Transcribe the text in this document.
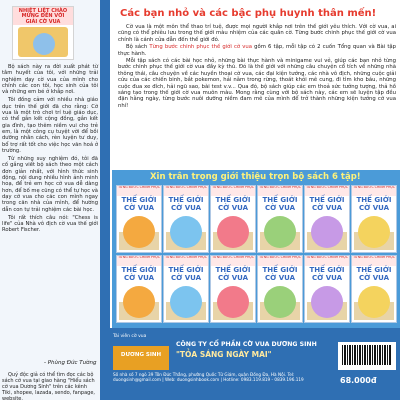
NHIỆT LIỆT CHÀO MỪNG ĐẾN VỚI GIẢI CỜ VUA

Bộ sách này ra đời xuất phát từ tâm huyết của tôi, với những trải nghiệm dạy cờ vua của mình cho chính các con tôi, học sinh của tôi và những em bé ở khắp nơi.

Tôi đồng cảm với nhiều nhà giáo dục trên thế giới đã cho rằng: Cờ vua là một trò chơi trí tuệ giáo dục, có thể gắn kết cộng đồng, gắn kết gia đình, tạo thêm niềm vui cho trẻ em, là một công cụ tuyệt vời để bồi dưỡng nhân cách, rèn luyện tư duy, bổ trợ rất tốt cho việc học văn hoá ở trường.

Từ những suy nghiệm đó, tôi đã cố gắng viết bộ sách theo một cách đơn giản nhất, với hình thức sinh động, nội dung nhiều hình ảnh minh hoạ, để trẻ em học cờ vua dễ dàng hơn, để bố mẹ cũng có thể tự học và dạy cờ vua cho các con mình ngay trong căn nhà của mình, để hướng dẫn con tự trải nghiệm các bài học.

Tôi rất thích câu nói: "Chess is life" của Nhà vô địch cờ vua thế giới Robert Fischer.

- Phùng Đức Tường
Quý độc giả có thể tìm đọc các bộ sách cờ vua tại giao hàng "Hiểu sách cờ vua Dương Sinh" trên các kênh Tiki, shopee, lazada, sendo, fanpage, website.
Các bạn nhỏ và các bậc phụ huynh thân mến!

Cờ vua là một môn thể thao trí tuệ, được mọi người khắp nơi trên thế giới yêu thích. Với cờ vua, ai cũng có thể phiêu lưu trong thế giới màu nhiệm của các quân cờ. Từng bước chinh phục thế giới cờ vua chính là cánh cửa dẫn đến thế giới đó.

Bộ sách Từng bước chinh phục thế giới cờ vua gồm 6 tập, mỗi tập có 2 cuốn Tổng quan và Bài tập thực hành.

Mỗi tập sách có các bài học nhỏ, những bài thực hành và minigame vui vẻ, giúp các bạn nhỏ từng bước chinh phục thế giới cờ vua đầy kỳ thú. Đó là thế giới với những câu chuyện cổ tích về những nhà thông thái, câu chuyện về các huyền thoại cờ vua, các đại kiện tướng, các nhà vô địch, những cuộc giải cứu của các chiến binh, bắt pokemon, hải nằm trong rừng, thoát khỏi mê cung, đi tìm kho báu, những cuộc đua xe đích, hải ngũ sao, bài test v.v... Qua đó, bộ sách giúp các em thoả sức tưởng tượng, thả hồ sáng tạo trong thế giới cờ vua muôn màu. Mong rằng cùng với bộ sách này, các em sẽ luyện tập đều đặn hằng ngày, từng bước nuôi dưỡng niềm đam mê của mình để trở thành những kiện tướng cờ vua nhí!

Xin trân trọng giới thiệu trọn bộ sách 6 tập!
TỪNG BƯỚC CHINH PHỤC
THẾ GIỚI CỜ VUA
TỪNG BƯỚC CHINH PHỤC
THẾ GIỚI CỜ VUA
TỪNG BƯỚC CHINH PHỤC
THẾ GIỚI CỜ VUA
TỪNG BƯỚC CHINH PHỤC
THẾ GIỚI CỜ VUA
TỪNG BƯỚC CHINH PHỤC
THẾ GIỚI CỜ VUA
TỪNG BƯỚC CHINH PHỤC
THẾ GIỚI CỜ VUA
TỪNG BƯỚC CHINH PHỤC
THẾ GIỚI CỜ VUA
TỪNG BƯỚC CHINH PHỤC
THẾ GIỚI CỜ VUA
TỪNG BƯỚC CHINH PHỤC
THẾ GIỚI CỜ VUA
TỪNG BƯỚC CHINH PHỤC
THẾ GIỚI CỜ VUA
TỪNG BƯỚC CHINH PHỤC
THẾ GIỚI CỜ VUA
TỪNG BƯỚC CHINH PHỤC
THẾ GIỚI CỜ VUA
Tái viên cờ vua
DƯƠNG SINH
CÔNG TY CỔ PHẦN CỜ VUA DƯƠNG SINH
"TỎA SÁNG NGÀY MAI"
Số nhà số 7 ngõ 39 Tôn Đức Thắng, phường Quốc Tử Giám, quận Đống Đa, Hà Nội. Tel: duongsinh@gmail.com | Web: duongsinhbook.com | Hotline: 0983.119.819 - 0839.196.119	68.000đ
